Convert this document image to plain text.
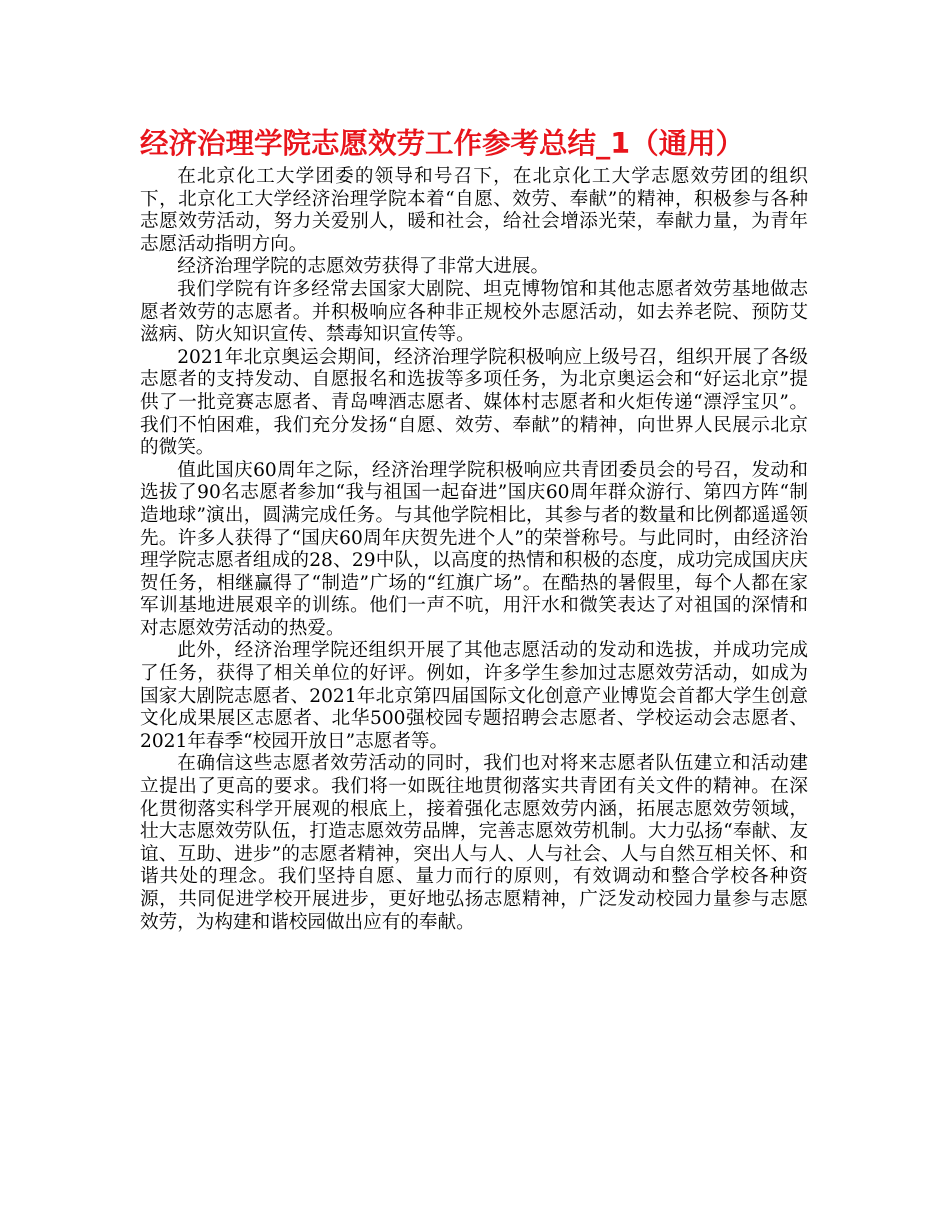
经济治理学院志愿效劳工作参考总结_1（通用）

在北京化工大学团委的领导和号召下，在北京化工大学志愿效劳团的组织下，北京化工大学经济治理学院本着“自愿、效劳、奉献”的精神，积极参与各种志愿效劳活动，努力关爱别人，暖和社会，给社会增添光荣，奉献力量，为青年志愿活动指明方向。

经济治理学院的志愿效劳获得了非常大进展。

我们学院有许多经常去国家大剧院、坦克博物馆和其他志愿者效劳基地做志愿者效劳的志愿者。并积极响应各种非正规校外志愿活动，如去养老院、预防艾滋病、防火知识宣传、禁毒知识宣传等。

2021年北京奥运会期间，经济治理学院积极响应上级号召，组织开展了各级志愿者的支持发动、自愿报名和选拔等多项任务，为北京奥运会和“好运北京”提供了一批竞赛志愿者、青岛啤酒志愿者、媒体村志愿者和火炬传递“漂浮宝贝”。我们不怕困难，我们充分发扬“自愿、效劳、奉献”的精神，向世界人民展示北京的微笑。

值此国庆60周年之际，经济治理学院积极响应共青团委员会的号召，发动和选拔了90名志愿者参加“我与祖国一起奋进”国庆60周年群众游行、第四方阵“制造地球”演出，圆满完成任务。与其他学院相比，其参与者的数量和比例都遥遥领先。许多人获得了“国庆60周年庆贺先进个人”的荣誉称号。与此同时，由经济治理学院志愿者组成的28、29中队，以高度的热情和积极的态度，成功完成国庆庆贺任务，相继赢得了“制造”广场的“红旗广场”。在酷热的暑假里，每个人都在家军训基地进展艰辛的训练。他们一声不吭，用汗水和微笑表达了对祖国的深情和对志愿效劳活动的热爱。

此外，经济治理学院还组织开展了其他志愿活动的发动和选拔，并成功完成了任务，获得了相关单位的好评。例如，许多学生参加过志愿效劳活动，如成为国家大剧院志愿者、2021年北京第四届国际文化创意产业博览会首都大学生创意文化成果展区志愿者、北华500强校园专题招聘会志愿者、学校运动会志愿者、2021年春季“校园开放日”志愿者等。

在确信这些志愿者效劳活动的同时，我们也对将来志愿者队伍建立和活动建立提出了更高的要求。我们将一如既往地贯彻落实共青团有关文件的精神。在深化贯彻落实科学开展观的根底上，接着强化志愿效劳内涵，拓展志愿效劳领域，壮大志愿效劳队伍，打造志愿效劳品牌，完善志愿效劳机制。大力弘扬“奉献、友谊、互助、进步”的志愿者精神，突出人与人、人与社会、人与自然互相关怀、和谐共处的理念。我们坚持自愿、量力而行的原则，有效调动和整合学校各种资源，共同促进学校开展进步，更好地弘扬志愿精神，广泛发动校园力量参与志愿效劳，为构建和谐校园做出应有的奉献。
